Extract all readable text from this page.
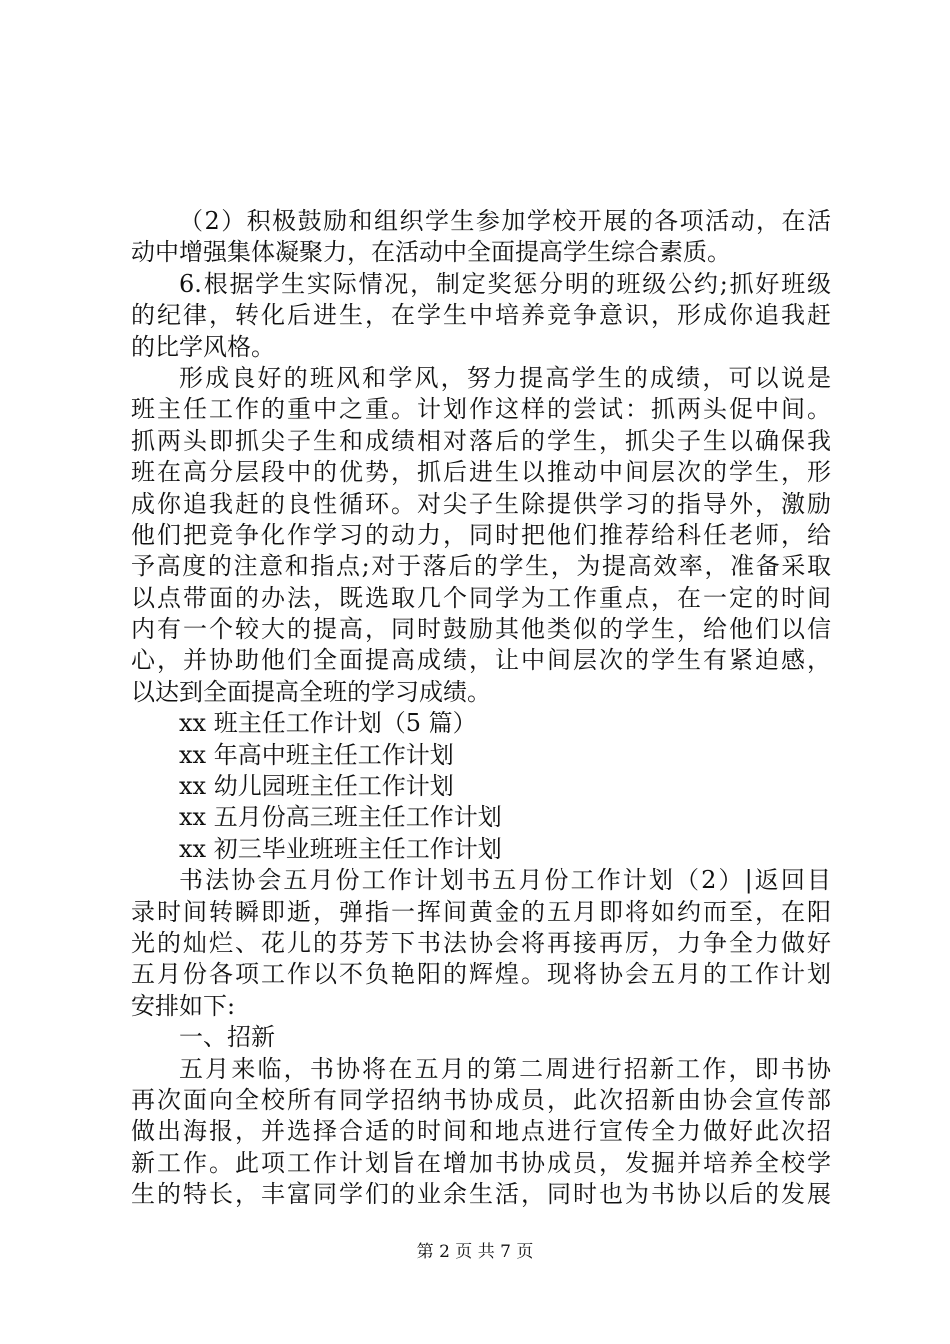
（2）积极鼓励和组织学生参加学校开展的各项活动，在活
动中增强集体凝聚力，在活动中全面提高学生综合素质。
6.根据学生实际情况，制定奖惩分明的班级公约;抓好班级
的纪律，转化后进生，在学生中培养竞争意识，形成你追我赶
的比学风格。
形成良好的班风和学风，努力提高学生的成绩，可以说是
班主任工作的重中之重。计划作这样的尝试：抓两头促中间。
抓两头即抓尖子生和成绩相对落后的学生，抓尖子生以确保我
班在高分层段中的优势，抓后进生以推动中间层次的学生，形
成你追我赶的良性循环。对尖子生除提供学习的指导外，激励
他们把竞争化作学习的动力，同时把他们推荐给科任老师，给
予高度的注意和指点;对于落后的学生，为提高效率，准备采取
以点带面的办法，既选取几个同学为工作重点，在一定的时间
内有一个较大的提高，同时鼓励其他类似的学生，给他们以信
心，并协助他们全面提高成绩，让中间层次的学生有紧迫感，
以达到全面提高全班的学习成绩。
xx 班主任工作计划（5 篇）
xx 年高中班主任工作计划
xx 幼儿园班主任工作计划
xx 五月份高三班主任工作计划
xx 初三毕业班班主任工作计划
书法协会五月份工作计划书五月份工作计划（2）|返回目
录时间转瞬即逝，弹指一挥间黄金的五月即将如约而至，在阳
光的灿烂、花儿的芬芳下书法协会将再接再厉，力争全力做好
五月份各项工作以不负艳阳的辉煌。现将协会五月的工作计划
安排如下:
一、招新
五月来临，书协将在五月的第二周进行招新工作，即书协
再次面向全校所有同学招纳书协成员，此次招新由协会宣传部
做出海报，并选择合适的时间和地点进行宣传全力做好此次招
新工作。此项工作计划旨在增加书协成员，发掘并培养全校学
生的特长，丰富同学们的业余生活，同时也为书协以后的发展
第 2 页 共 7 页
